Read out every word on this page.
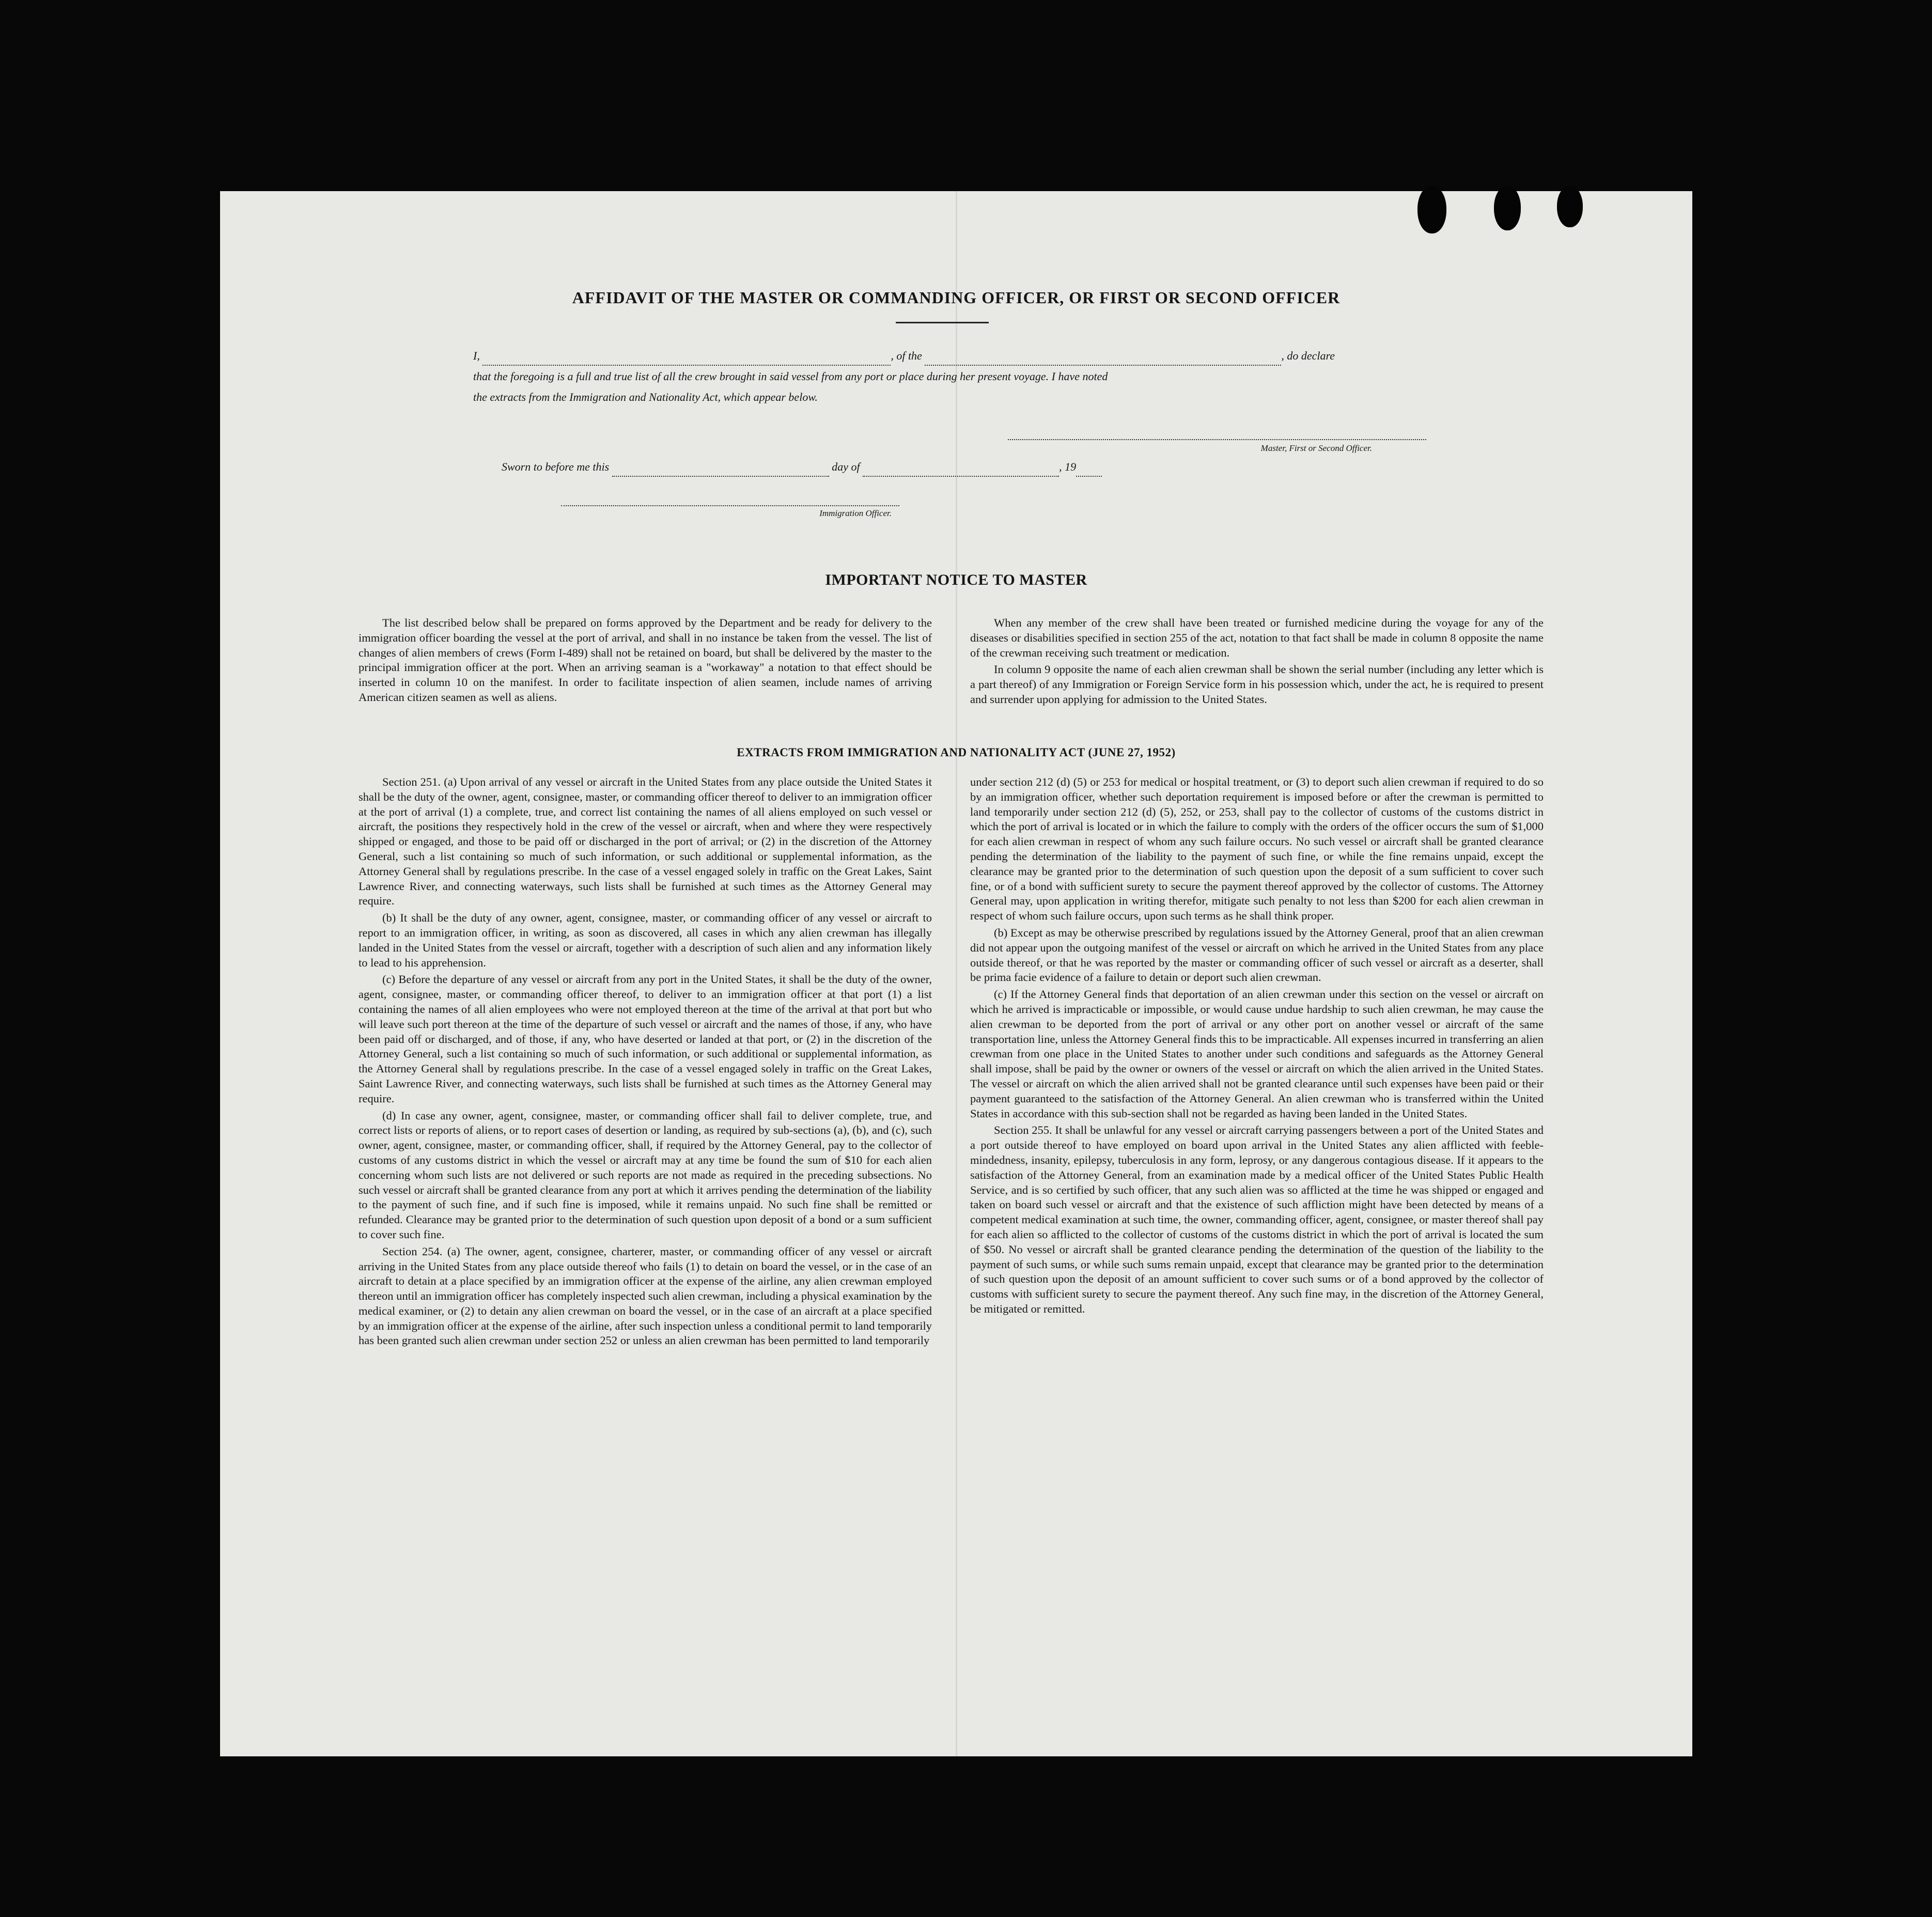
AFFIDAVIT OF THE MASTER OR COMMANDING OFFICER, OR FIRST OR SECOND OFFICER
I,	, of the	, do declare
that the foregoing is a full and true list of all the crew brought in said vessel from any port or place during her present voyage. I have noted
the extracts from the Immigration and Nationality Act, which appear below.
Master, First or Second Officer.
Sworn to before me this	day of	, 19
Immigration Officer.
IMPORTANT NOTICE TO MASTER

The list described below shall be prepared on forms approved by the Department and be ready for delivery to the immigration officer boarding the vessel at the port of arrival, and shall in no instance be taken from the vessel. The list of changes of alien members of crews (Form I-489) shall not be retained on board, but shall be delivered by the master to the principal immigration officer at the port. When an arriving seaman is a "workaway" a notation to that effect should be inserted in column 10 on the manifest. In order to facilitate inspection of alien seamen, include names of arriving American citizen seamen as well as aliens.

When any member of the crew shall have been treated or furnished medicine during the voyage for any of the diseases or disabilities specified in section 255 of the act, notation to that fact shall be made in column 8 opposite the name of the crewman receiving such treatment or medication.

In column 9 opposite the name of each alien crewman shall be shown the serial number (including any letter which is a part thereof) of any Immigration or Foreign Service form in his possession which, under the act, he is required to present and surrender upon applying for admission to the United States.

EXTRACTS FROM IMMIGRATION AND NATIONALITY ACT (JUNE 27, 1952)

Section 251. (a) Upon arrival of any vessel or aircraft in the United States from any place outside the United States it shall be the duty of the owner, agent, consignee, master, or commanding officer thereof to deliver to an immigration officer at the port of arrival (1) a complete, true, and correct list containing the names of all aliens employed on such vessel or aircraft, the positions they respectively hold in the crew of the vessel or aircraft, when and where they were respectively shipped or engaged, and those to be paid off or discharged in the port of arrival; or (2) in the discretion of the Attorney General, such a list containing so much of such information, or such additional or supplemental information, as the Attorney General shall by regulations prescribe. In the case of a vessel engaged solely in traffic on the Great Lakes, Saint Lawrence River, and connecting waterways, such lists shall be furnished at such times as the Attorney General may require.

(b) It shall be the duty of any owner, agent, consignee, master, or commanding officer of any vessel or aircraft to report to an immigration officer, in writing, as soon as discovered, all cases in which any alien crewman has illegally landed in the United States from the vessel or aircraft, together with a description of such alien and any information likely to lead to his apprehension.

(c) Before the departure of any vessel or aircraft from any port in the United States, it shall be the duty of the owner, agent, consignee, master, or commanding officer thereof, to deliver to an immigration officer at that port (1) a list containing the names of all alien employees who were not employed thereon at the time of the arrival at that port but who will leave such port thereon at the time of the departure of such vessel or aircraft and the names of those, if any, who have been paid off or discharged, and of those, if any, who have deserted or landed at that port, or (2) in the discretion of the Attorney General, such a list containing so much of such information, or such additional or supplemental information, as the Attorney General shall by regulations prescribe. In the case of a vessel engaged solely in traffic on the Great Lakes, Saint Lawrence River, and connecting waterways, such lists shall be furnished at such times as the Attorney General may require.

(d) In case any owner, agent, consignee, master, or commanding officer shall fail to deliver complete, true, and correct lists or reports of aliens, or to report cases of desertion or landing, as required by sub-sections (a), (b), and (c), such owner, agent, consignee, master, or commanding officer, shall, if required by the Attorney General, pay to the collector of customs of any customs district in which the vessel or aircraft may at any time be found the sum of $10 for each alien concerning whom such lists are not delivered or such reports are not made as required in the preceding subsections. No such vessel or aircraft shall be granted clearance from any port at which it arrives pending the determination of the liability to the payment of such fine, and if such fine is imposed, while it remains unpaid. No such fine shall be remitted or refunded. Clearance may be granted prior to the determination of such question upon deposit of a bond or a sum sufficient to cover such fine.

Section 254. (a) The owner, agent, consignee, charterer, master, or commanding officer of any vessel or aircraft arriving in the United States from any place outside thereof who fails (1) to detain on board the vessel, or in the case of an aircraft to detain at a place specified by an immigration officer at the expense of the airline, any alien crewman employed thereon until an immigration officer has completely inspected such alien crewman, including a physical examination by the medical examiner, or (2) to detain any alien crewman on board the vessel, or in the case of an aircraft at a place specified by an immigration officer at the expense of the airline, after such inspection unless a conditional permit to land temporarily has been granted such alien crewman under section 252 or unless an alien crewman has been permitted to land temporarily

under section 212 (d) (5) or 253 for medical or hospital treatment, or (3) to deport such alien crewman if required to do so by an immigration officer, whether such deportation requirement is imposed before or after the crewman is permitted to land temporarily under section 212 (d) (5), 252, or 253, shall pay to the collector of customs of the customs district in which the port of arrival is located or in which the failure to comply with the orders of the officer occurs the sum of $1,000 for each alien crewman in respect of whom any such failure occurs. No such vessel or aircraft shall be granted clearance pending the determination of the liability to the payment of such fine, or while the fine remains unpaid, except the clearance may be granted prior to the determination of such question upon the deposit of a sum sufficient to cover such fine, or of a bond with sufficient surety to secure the payment thereof approved by the collector of customs. The Attorney General may, upon application in writing therefor, mitigate such penalty to not less than $200 for each alien crewman in respect of whom such failure occurs, upon such terms as he shall think proper.

(b) Except as may be otherwise prescribed by regulations issued by the Attorney General, proof that an alien crewman did not appear upon the outgoing manifest of the vessel or aircraft on which he arrived in the United States from any place outside thereof, or that he was reported by the master or commanding officer of such vessel or aircraft as a deserter, shall be prima facie evidence of a failure to detain or deport such alien crewman.

(c) If the Attorney General finds that deportation of an alien crewman under this section on the vessel or aircraft on which he arrived is impracticable or impossible, or would cause undue hardship to such alien crewman, he may cause the alien crewman to be deported from the port of arrival or any other port on another vessel or aircraft of the same transportation line, unless the Attorney General finds this to be impracticable. All expenses incurred in transferring an alien crewman from one place in the United States to another under such conditions and safeguards as the Attorney General shall impose, shall be paid by the owner or owners of the vessel or aircraft on which the alien arrived in the United States. The vessel or aircraft on which the alien arrived shall not be granted clearance until such expenses have been paid or their payment guaranteed to the satisfaction of the Attorney General. An alien crewman who is transferred within the United States in accordance with this sub-section shall not be regarded as having been landed in the United States.

Section 255. It shall be unlawful for any vessel or aircraft carrying passengers between a port of the United States and a port outside thereof to have employed on board upon arrival in the United States any alien afflicted with feeble-mindedness, insanity, epilepsy, tuberculosis in any form, leprosy, or any dangerous contagious disease. If it appears to the satisfaction of the Attorney General, from an examination made by a medical officer of the United States Public Health Service, and is so certified by such officer, that any such alien was so afflicted at the time he was shipped or engaged and taken on board such vessel or aircraft and that the existence of such affliction might have been detected by means of a competent medical examination at such time, the owner, commanding officer, agent, consignee, or master thereof shall pay for each alien so afflicted to the collector of customs of the customs district in which the port of arrival is located the sum of $50. No vessel or aircraft shall be granted clearance pending the determination of the question of the liability to the payment of such sums, or while such sums remain unpaid, except that clearance may be granted prior to the determination of such question upon the deposit of an amount sufficient to cover such sums or of a bond approved by the collector of customs with sufficient surety to secure the payment thereof. Any such fine may, in the discretion of the Attorney General, be mitigated or remitted.
